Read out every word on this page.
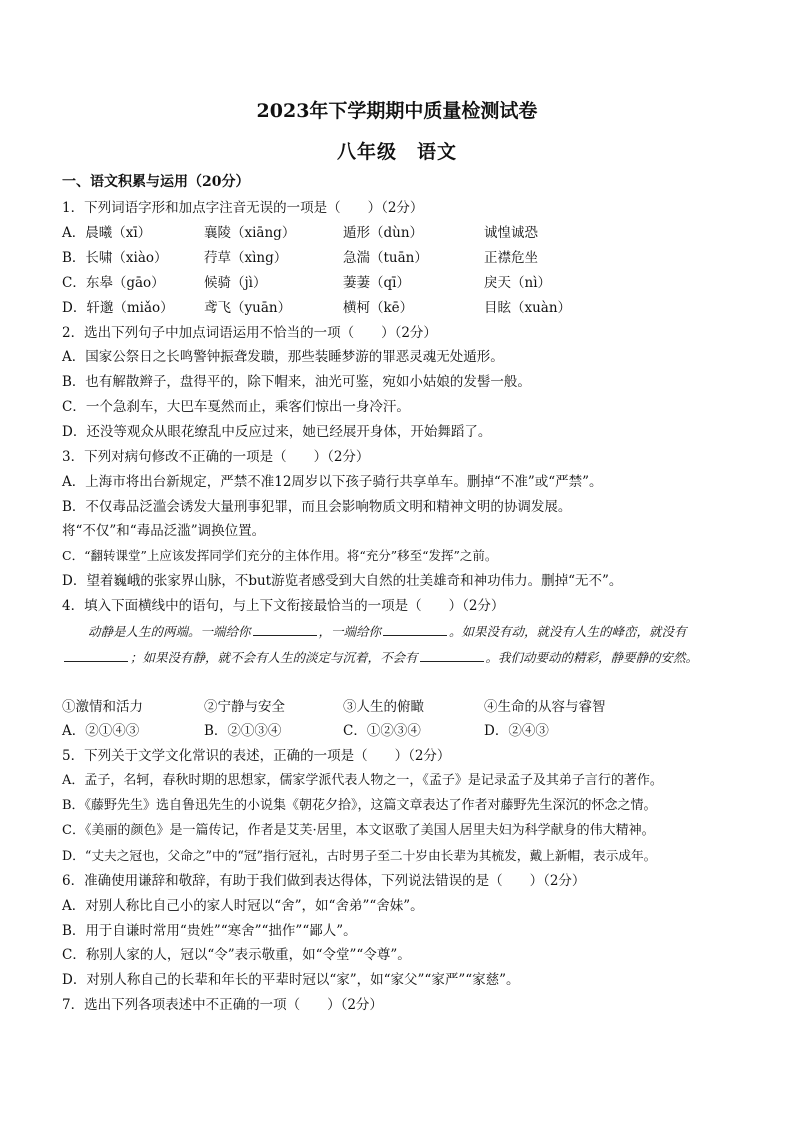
2023年下学期期中质量检测试卷
八年级　语文
一、语文积累与运用（20分）
1．下列词语字形和加点字注音无误的一项是（　　）（2分）
A．晨曦（xī）	襄陵（xiāng）	遁形（dùn）	诚惶诚恐
B．长啸（xiào）	荇草（xìng）	急湍（tuān）	正襟危坐
C．东皋（gāo）	候骑（jì）	萋萋（qī）	戾天（nì）
D．轩邈（miǎo） 鸢飞（yuān）	横柯（kē）	目眩（xuàn）
2．选出下列句子中加点词语运用不恰当的一项（　　）（2分）
A．国家公祭日之长鸣警钟振聋发聩，那些装睡梦游的罪恶灵魂无处遁形。
B．也有解散辫子，盘得平的，除下帽来，油光可鉴，宛如小姑娘的发髻一般。
C．一个急刹车，大巴车戛然而止，乘客们惊出一身冷汗。
D．还没等观众从眼花缭乱中反应过来，她已经展开身体，开始舞蹈了。
3．下列对病句修改不正确的一项是（　　）（2分）
A．上海市将出台新规定，严禁不准12周岁以下孩子骑行共享单车。删掉“不准”或“严禁”。
B．不仅毒品泛滥会诱发大量刑事犯罪，而且会影响物质文明和精神文明的协调发展。
将“不仅”和“毒品泛滥”调换位置。
C．“翻转课堂”上应该发挥同学们充分的主体作用。将“充分”移至“发挥”之前。
D．望着巍峨的张家界山脉，不but游览者感受到大自然的壮美雄奇和神功伟力。删掉“无不”。
4．填入下面横线中的语句，与上下文衔接最恰当的一项是（　　）（2分）
动静是人生的两端。一端给你	，一端给你	。如果没有动，就没有人生的峰峦，就没有；如果没有静，就不会有人生的淡定与沉着，不会有	。我们动要动的精彩，静要静的安然。
①激情和活力	②宁静与安全	③人生的俯瞰	④生命的从容与睿智
A．②①④③	B．②①③④	C．①②③④	D．②④③
5．下列关于文学文化常识的表述，正确的一项是（　　）（2分）
A．孟子，名轲，春秋时期的思想家，儒家学派代表人物之一，《孟子》是记录孟子及其弟子言行的著作。
B．《藤野先生》选自鲁迅先生的小说集《朝花夕拾》，这篇文章表达了作者对藤野先生深沉的怀念之情。
C．《美丽的颜色》是一篇传记，作者是艾芙·居里，本文讴歌了美国人居里夫妇为科学献身的伟大精神。
D．“丈夫之冠也，父命之”中的“冠”指行冠礼，古时男子至二十岁由长辈为其梳发，戴上新帽，表示成年。
6．准确使用谦辞和敬辞，有助于我们做到表达得体，下列说法错误的是（　　）（2分）
A．对别人称比自己小的家人时冠以“舍”，如“舍弟”“舍妹”。
B．用于自谦时常用“贵姓”“寒舍”“拙作”“鄙人”。
C．称别人家的人，冠以“令”表示敬重，如“令堂”“令尊”。
D．对别人称自己的长辈和年长的平辈时冠以“家”，如“家父”“家严”“家慈”。
7．选出下列各项表述中不正确的一项（　　）（2分）
